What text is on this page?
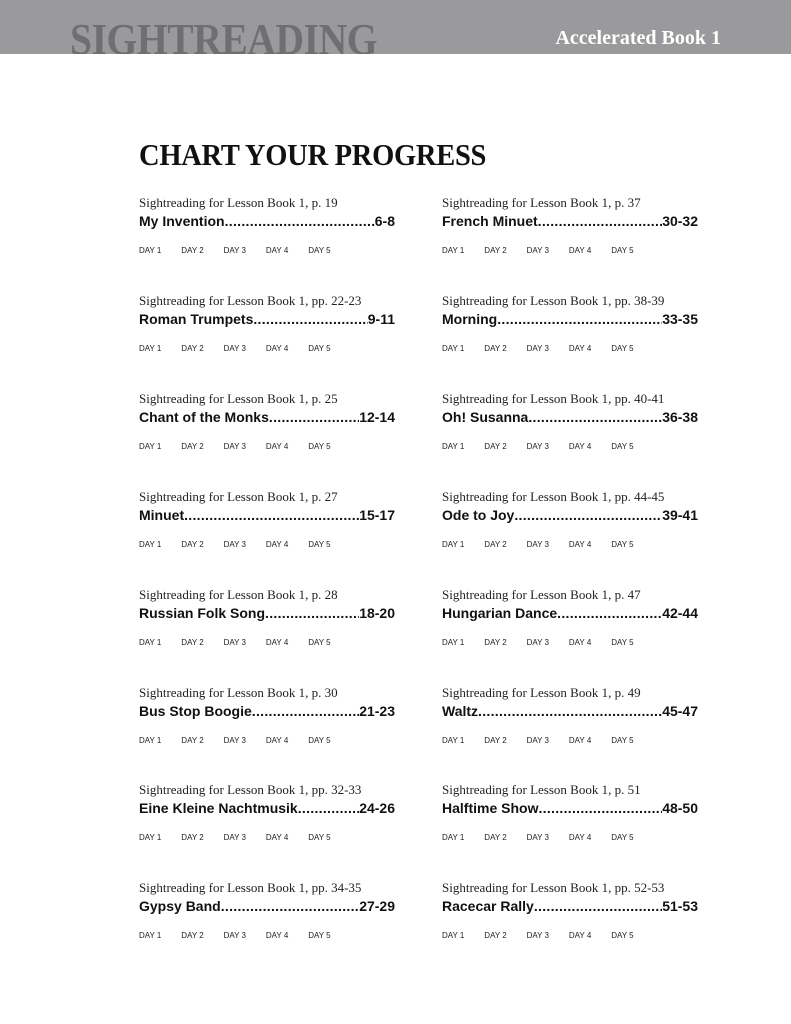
SIGHTREADING	Accelerated Book 1
CHART YOUR PROGRESS
Sightreading for Lesson Book 1, p. 19
My Invention .....	6-8
DAY 1	DAY 2	DAY 3	DAY 4	DAY 5
Sightreading for Lesson Book 1, pp. 22-23
Roman Trumpets .....	9-11
DAY 1	DAY 2	DAY 3	DAY 4	DAY 5
Sightreading for Lesson Book 1, p. 25
Chant of the Monks .....	12-14
DAY 1	DAY 2	DAY 3	DAY 4	DAY 5
Sightreading for Lesson Book 1, p. 27
Minuet .....	15-17
DAY 1	DAY 2	DAY 3	DAY 4	DAY 5
Sightreading for Lesson Book 1, p. 28
Russian Folk Song .....	18-20
DAY 1	DAY 2	DAY 3	DAY 4	DAY 5
Sightreading for Lesson Book 1, p. 30
Bus Stop Boogie .....	21-23
DAY 1	DAY 2	DAY 3	DAY 4	DAY 5
Sightreading for Lesson Book 1, pp. 32-33
Eine Kleine Nachtmusik .....	24-26
DAY 1	DAY 2	DAY 3	DAY 4	DAY 5
Sightreading for Lesson Book 1, pp. 34-35
Gypsy Band .....	27-29
DAY 1	DAY 2	DAY 3	DAY 4	DAY 5
Sightreading for Lesson Book 1, p. 37
French Minuet .....	30-32
DAY 1	DAY 2	DAY 3	DAY 4	DAY 5
Sightreading for Lesson Book 1, pp. 38-39
Morning .....	33-35
DAY 1	DAY 2	DAY 3	DAY 4	DAY 5
Sightreading for Lesson Book 1, pp. 40-41
Oh! Susanna .....	36-38
DAY 1	DAY 2	DAY 3	DAY 4	DAY 5
Sightreading for Lesson Book 1, pp. 44-45
Ode to Joy .....	39-41
DAY 1	DAY 2	DAY 3	DAY 4	DAY 5
Sightreading for Lesson Book 1, p. 47
Hungarian Dance .....	42-44
DAY 1	DAY 2	DAY 3	DAY 4	DAY 5
Sightreading for Lesson Book 1, p. 49
Waltz .....	45-47
DAY 1	DAY 2	DAY 3	DAY 4	DAY 5
Sightreading for Lesson Book 1, p. 51
Halftime Show .....	48-50
DAY 1	DAY 2	DAY 3	DAY 4	DAY 5
Sightreading for Lesson Book 1, pp. 52-53
Racecar Rally .....	51-53
DAY 1	DAY 2	DAY 3	DAY 4	DAY 5
